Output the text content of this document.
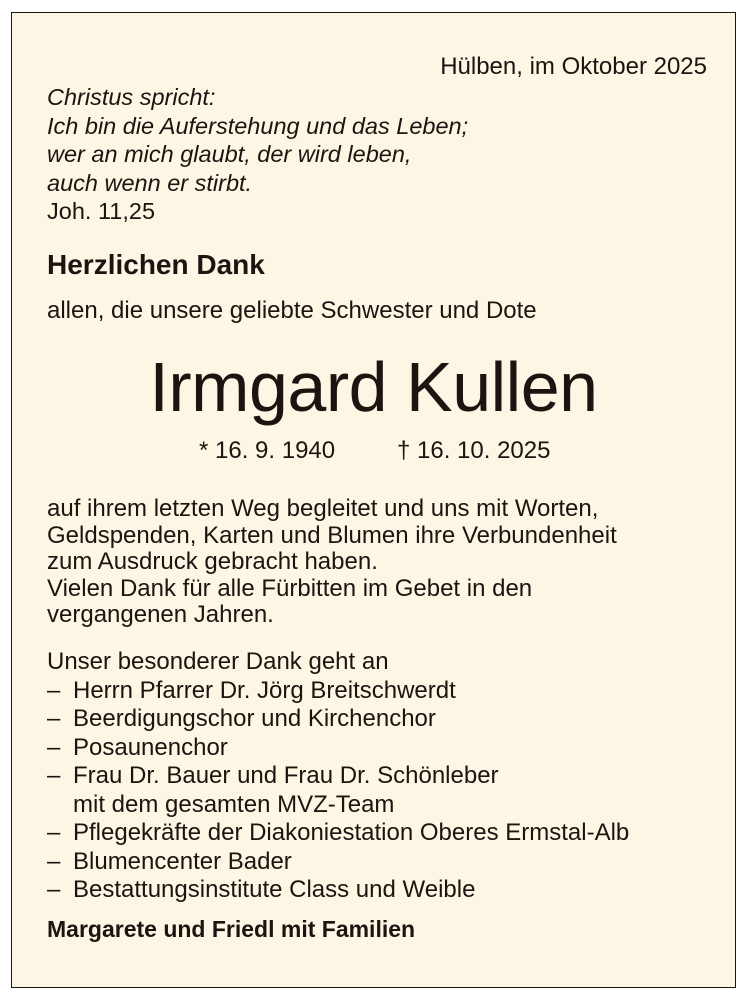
Hülben, im Oktober 2025
Christus spricht:
Ich bin die Auferstehung und das Leben;
wer an mich glaubt, der wird leben,
auch wenn er stirbt.
Joh. 11,25
Herzlichen Dank
allen, die unsere geliebte Schwester und Dote
Irmgard Kullen
* 16. 9. 1940	† 16. 10. 2025
auf ihrem letzten Weg begleitet und uns mit Worten,
Geldspenden, Karten und Blumen ihre Verbundenheit
zum Ausdruck gebracht haben.
Vielen Dank für alle Fürbitten im Gebet in den
vergangenen Jahren.
Unser besonderer Dank geht an
– Herrn Pfarrer Dr. Jörg Breitschwerdt
– Beerdigungschor und Kirchenchor
– Posaunenchor
– Frau Dr. Bauer und Frau Dr. Schönleber
mit dem gesamten MVZ-Team
– Pflegekräfte der Diakoniestation Oberes Ermstal-Alb
– Blumencenter Bader
– Bestattungsinstitute Class und Weible
Margarete und Friedl mit Familien
